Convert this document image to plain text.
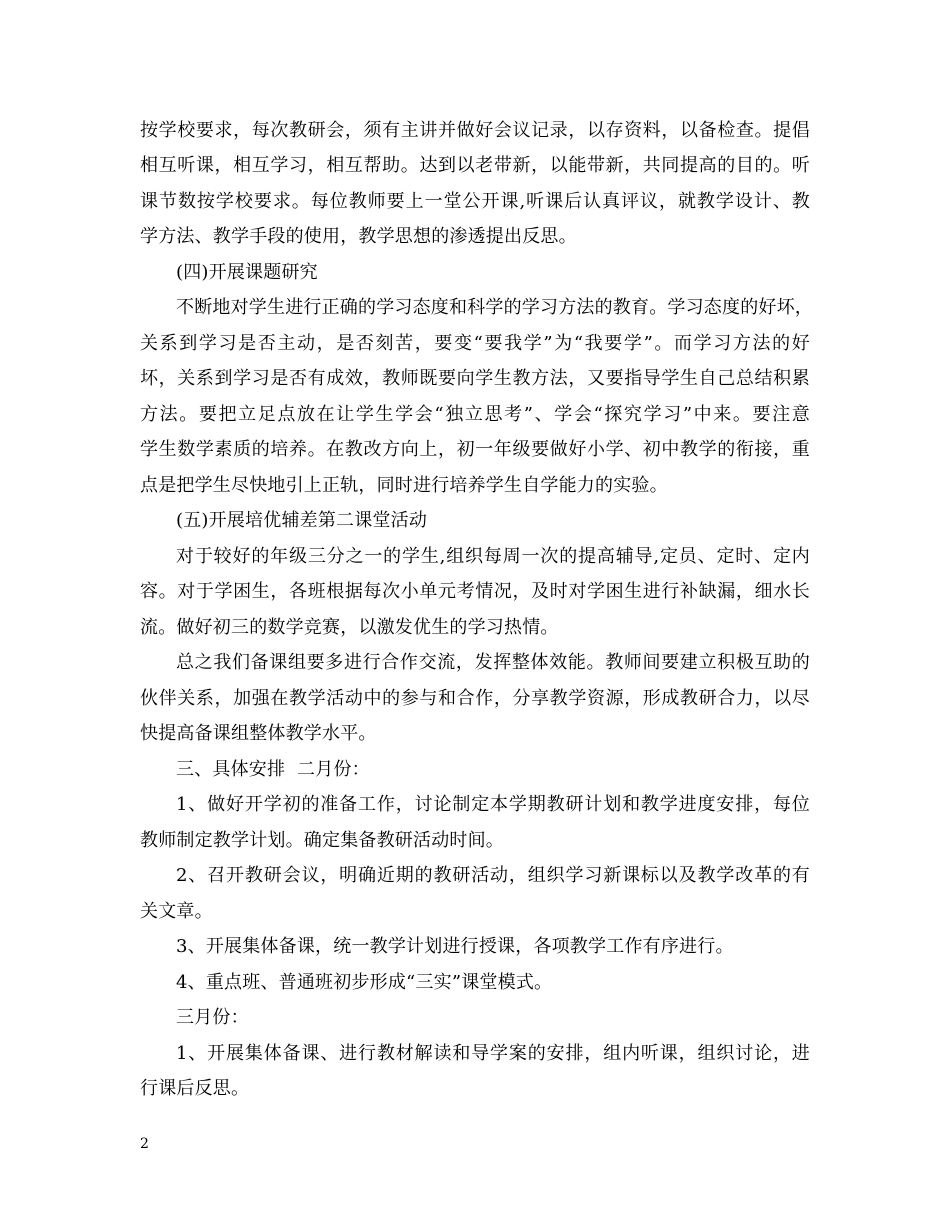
按学校要求，每次教研会，须有主讲并做好会议记录，以存资料，以备检查。提倡
相互听课，相互学习，相互帮助。达到以老带新，以能带新，共同提高的目的。听
课节数按学校要求。每位教师要上一堂公开课,听课后认真评议，就教学设计、教
学方法、教学手段的使用，教学思想的渗透提出反思。
(四)开展课题研究
不断地对学生进行正确的学习态度和科学的学习方法的教育。学习态度的好坏，
关系到学习是否主动，是否刻苦，要变“要我学”为“我要学”。而学习方法的好
坏，关系到学习是否有成效，教师既要向学生教方法，又要指导学生自己总结积累
方法。要把立足点放在让学生学会“独立思考”、学会“探究学习”中来。要注意
学生数学素质的培养。在教改方向上，初一年级要做好小学、初中教学的衔接，重
点是把学生尽快地引上正轨，同时进行培养学生自学能力的实验。
(五)开展培优辅差第二课堂活动
对于较好的年级三分之一的学生,组织每周一次的提高辅导,定员、定时、定内
容。对于学困生，各班根据每次小单元考情况，及时对学困生进行补缺漏，细水长
流。做好初三的数学竞赛，以激发优生的学习热情。
总之我们备课组要多进行合作交流，发挥整体效能。教师间要建立积极互助的
伙伴关系，加强在教学活动中的参与和合作，分享教学资源，形成教研合力，以尽
快提高备课组整体教学水平。
三、具体安排  二月份：
1、做好开学初的准备工作，讨论制定本学期教研计划和教学进度安排，每位
教师制定教学计划。确定集备教研活动时间。
2、召开教研会议，明确近期的教研活动，组织学习新课标以及教学改革的有
关文章。
3、开展集体备课，统一教学计划进行授课，各项教学工作有序进行。
4、重点班、普通班初步形成“三实”课堂模式。
三月份：
1、开展集体备课、进行教材解读和导学案的安排，组内听课，组织讨论，进
行课后反思。
2
